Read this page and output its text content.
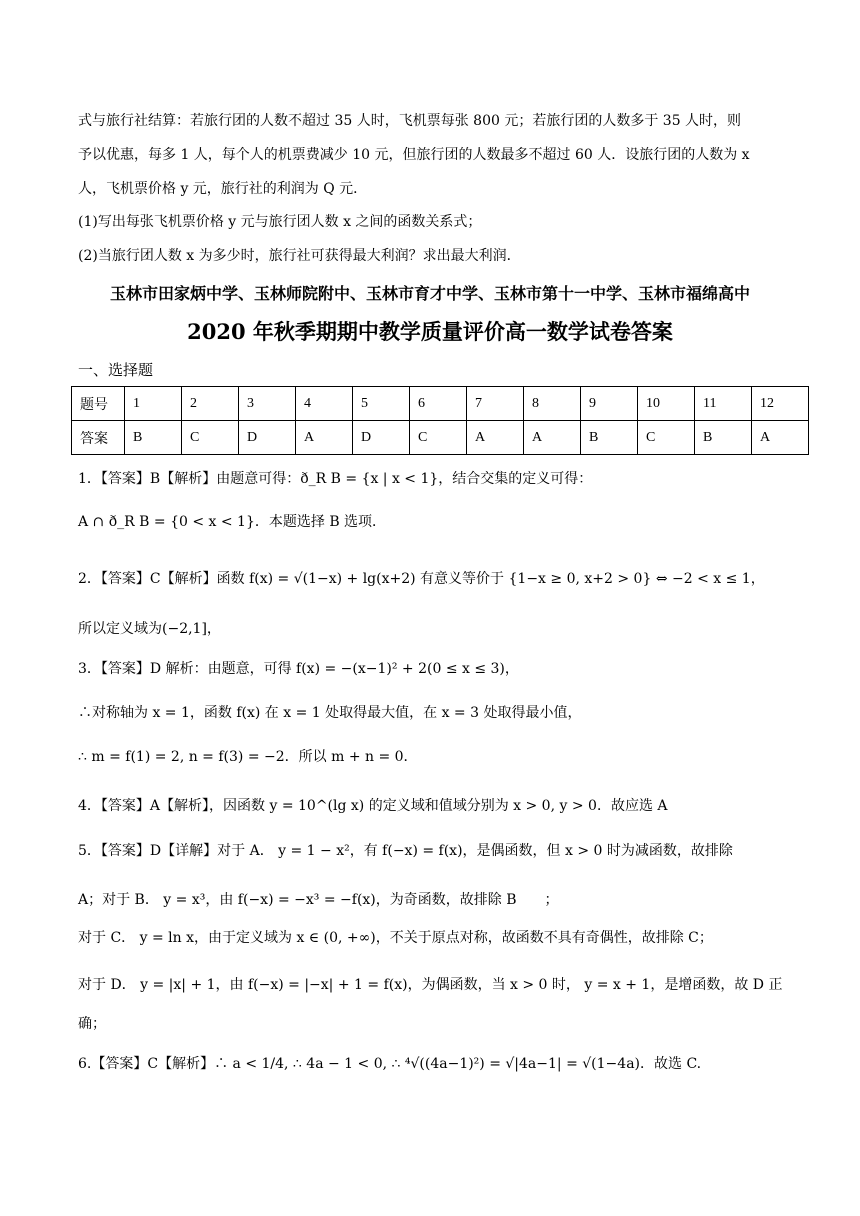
式与旅行社结算：若旅行团的人数不超过 35 人时，飞机票每张 800 元；若旅行团的人数多于 35 人时，则
予以优惠，每多 1 人，每个人的机票费减少 10 元，但旅行团的人数最多不超过 60 人．设旅行团的人数为 x
人，飞机票价格 y 元，旅行社的利润为 Q 元．
(1)写出每张飞机票价格 y 元与旅行团人数 x 之间的函数关系式；
(2)当旅行团人数 x 为多少时，旅行社可获得最大利润？求出最大利润．
玉林市田家炳中学、玉林师院附中、玉林市育才中学、玉林市第十一中学、玉林市福绵高中
2020 年秋季期期中教学质量评价高一数学试卷答案
一、选择题
题号	1	2	3	4	5	6	7	8	9	10	11	12
答案	B	C	D	A	D	C	A	A	B	C	B	A
1．【答案】B【解析】由题意可得：ð_R B = {x | x < 1}，结合交集的定义可得：
A ∩ ð_R B = {0 < x < 1}．本题选择 B 选项．
2．【答案】C【解析】函数 f(x) = √(1−x) + lg(x+2) 有意义等价于 {1−x ≥ 0, x+2 > 0} ⇔ −2 < x ≤ 1，
所以定义域为(−2,1]，
3．【答案】D 解析：由题意，可得 f(x) = −(x−1)² + 2(0 ≤ x ≤ 3)，
∴对称轴为 x = 1，函数 f(x) 在 x = 1 处取得最大值，在 x = 3 处取得最小值，
∴ m = f(1) = 2, n = f(3) = −2．所以 m + n = 0．
4．【答案】A【解析】，因函数 y = 10^(lg x) 的定义域和值域分别为 x > 0, y > 0．故应选 A
5．【答案】D【详解】对于 A． y = 1 − x²，有 f(−x) = f(x)，是偶函数，但 x > 0 时为减函数，故排除
A；对于 B． y = x³，由 f(−x) = −x³ = −f(x)，为奇函数，故排除 B　　；
对于 C． y = ln x，由于定义域为 x ∈ (0, +∞)，不关于原点对称，故函数不具有奇偶性，故排除 C；
对于 D． y = |x| + 1，由 f(−x) = |−x| + 1 = f(x)，为偶函数，当 x > 0 时， y = x + 1，是增函数，故 D 正
确；
6.【答案】C【解析】∴ a < 1/4, ∴ 4a − 1 < 0, ∴ ⁴√((4a−1)²) = √|4a−1| = √(1−4a)．故选 C.
